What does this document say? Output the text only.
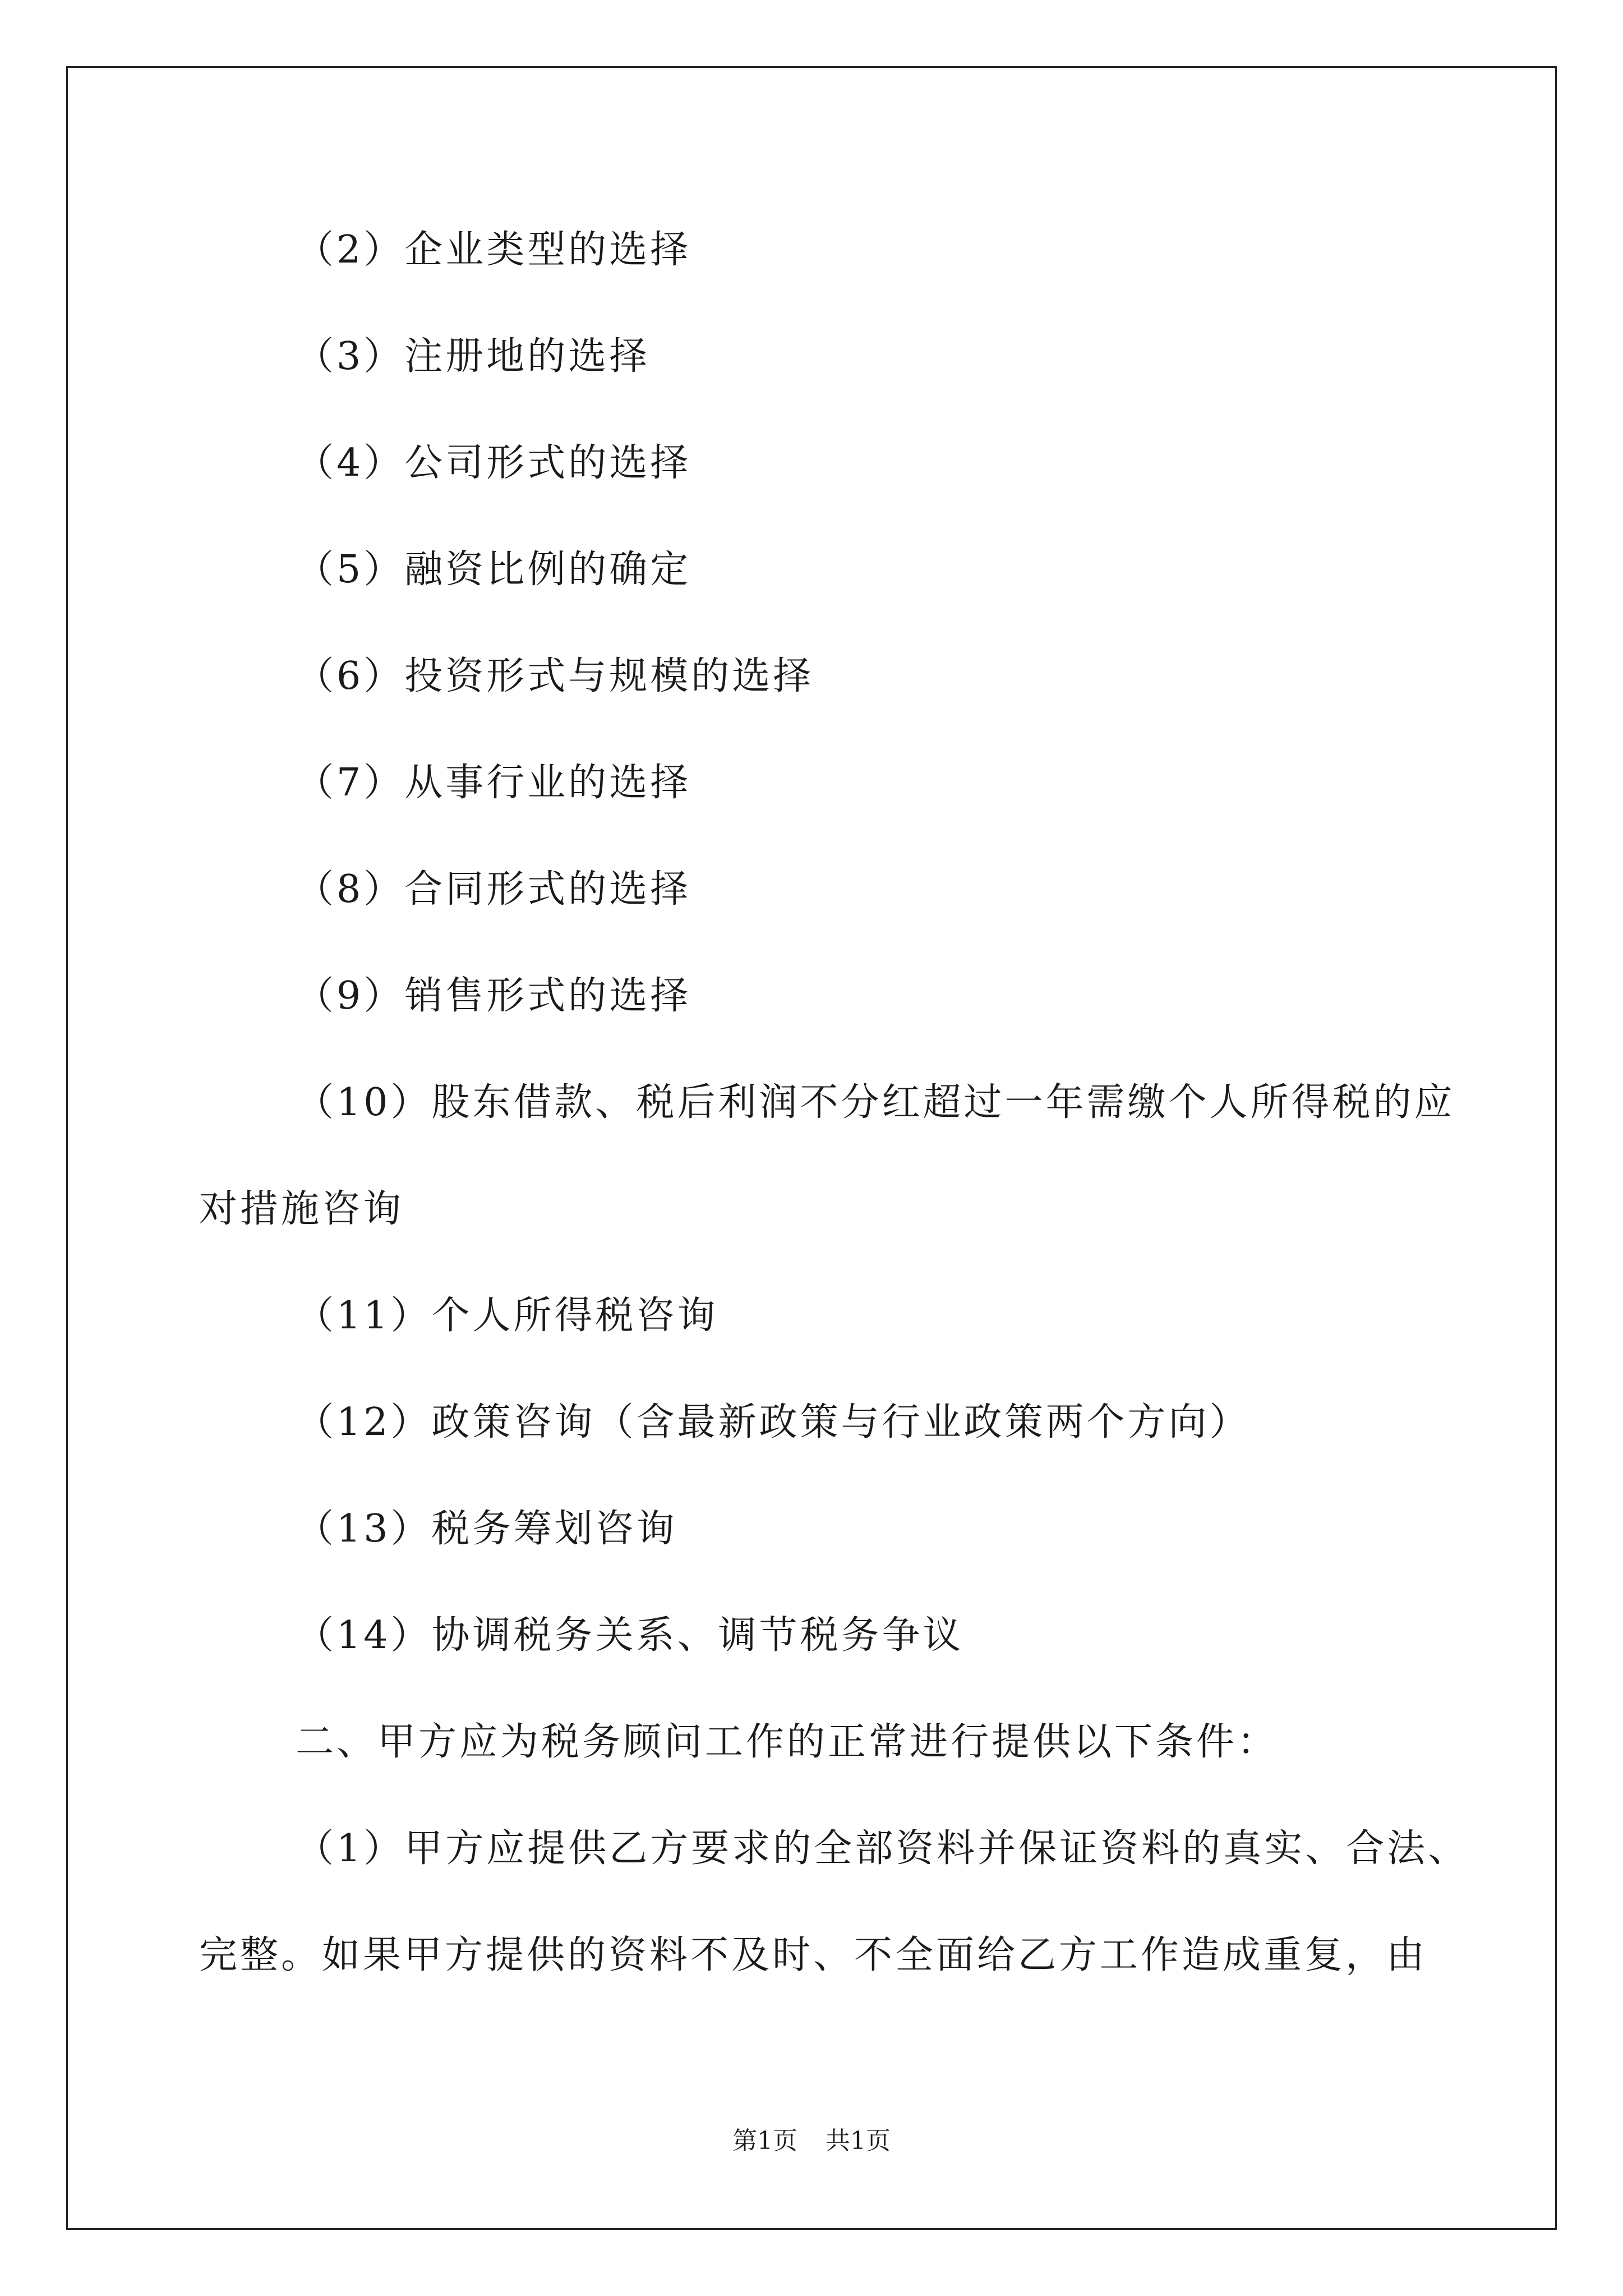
（2）企业类型的选择
（3）注册地的选择
（4）公司形式的选择
（5）融资比例的确定
（6）投资形式与规模的选择
（7）从事行业的选择
（8）合同形式的选择
（9）销售形式的选择
（10）股东借款、税后利润不分红超过一年需缴个人所得税的应
对措施咨询
（11）个人所得税咨询
（12）政策咨询（含最新政策与行业政策两个方向）
（13）税务筹划咨询
（14）协调税务关系、调节税务争议
二、甲方应为税务顾问工作的正常进行提供以下条件：
（1）甲方应提供乙方要求的全部资料并保证资料的真实、合法、
完整。如果甲方提供的资料不及时、不全面给乙方工作造成重复，由
第1页 共1页
